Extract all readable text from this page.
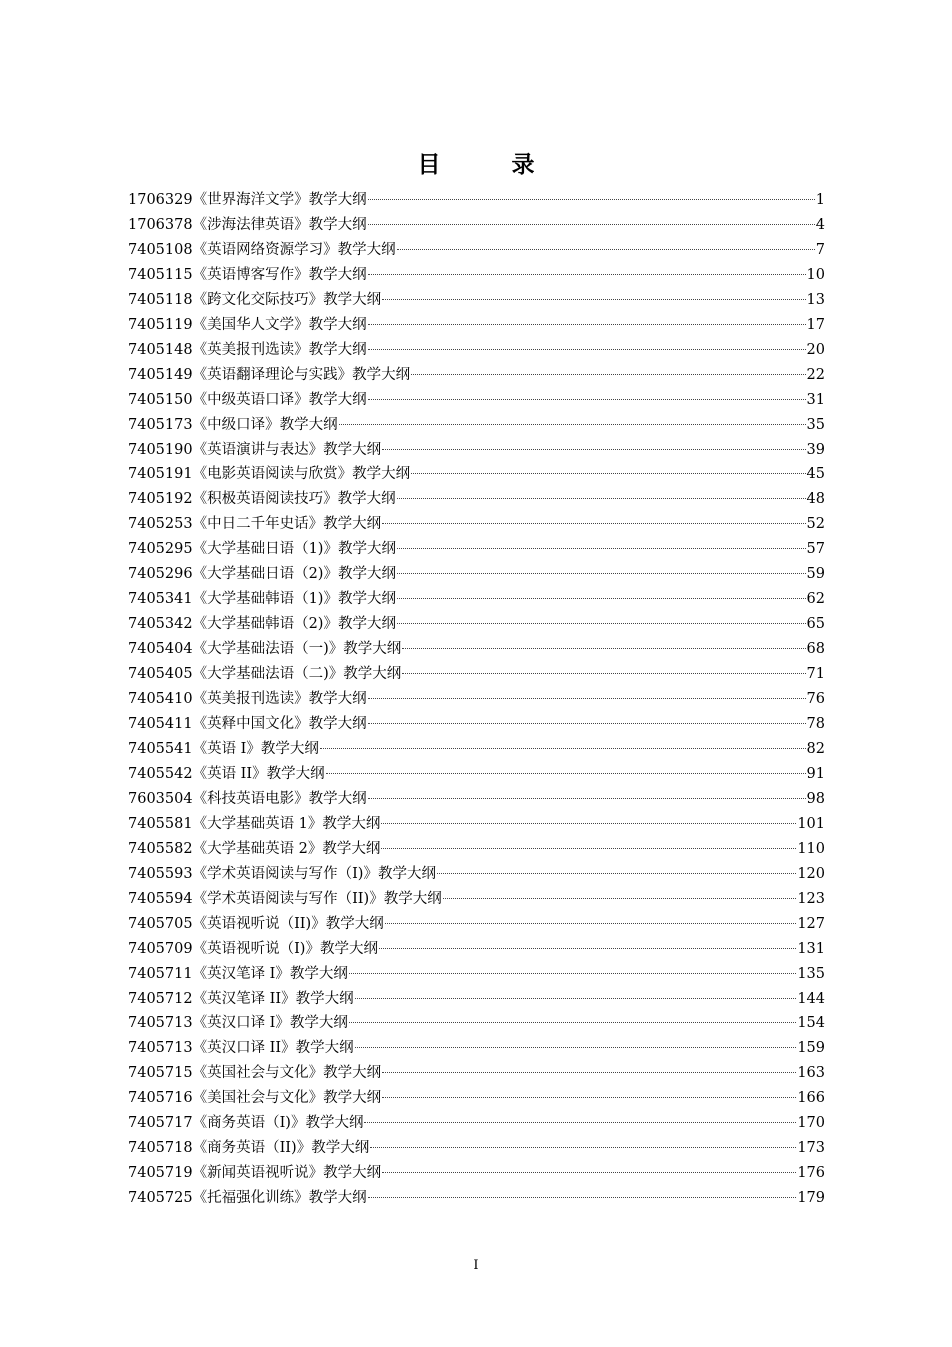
目　录
1706329《世界海洋文学》教学大纲	1
1706378《涉海法律英语》教学大纲	4
7405108《英语网络资源学习》教学大纲	7
7405115《英语博客写作》教学大纲	10
7405118《跨文化交际技巧》教学大纲	13
7405119《美国华人文学》教学大纲	17
7405148《英美报刊选读》教学大纲	20
7405149《英语翻译理论与实践》教学大纲	22
7405150《中级英语口译》教学大纲	31
7405173《中级口译》教学大纲	35
7405190《英语演讲与表达》教学大纲	39
7405191《电影英语阅读与欣赏》教学大纲	45
7405192《积极英语阅读技巧》教学大纲	48
7405253《中日二千年史话》教学大纲	52
7405295《大学基础日语（1)》教学大纲	57
7405296《大学基础日语（2)》教学大纲	59
7405341《大学基础韩语（1)》教学大纲	62
7405342《大学基础韩语（2)》教学大纲	65
7405404《大学基础法语（一)》教学大纲	68
7405405《大学基础法语（二)》教学大纲	71
7405410《英美报刊选读》教学大纲	76
7405411《英释中国文化》教学大纲	78
7405541《英语 I》教学大纲	82
7405542《英语 II》教学大纲	91
7603504《科技英语电影》教学大纲	98
7405581《大学基础英语 1》教学大纲	101
7405582《大学基础英语 2》教学大纲	110
7405593《学术英语阅读与写作（I)》教学大纲	120
7405594《学术英语阅读与写作（II)》教学大纲	123
7405705《英语视听说（II)》教学大纲	127
7405709《英语视听说（I)》教学大纲	131
7405711《英汉笔译 I》教学大纲	135
7405712《英汉笔译 II》教学大纲	144
7405713《英汉口译 I》教学大纲	154
7405713《英汉口译 II》教学大纲	159
7405715《英国社会与文化》教学大纲	163
7405716《美国社会与文化》教学大纲	166
7405717《商务英语（I)》教学大纲	170
7405718《商务英语（II)》教学大纲	173
7405719《新闻英语视听说》教学大纲	176
7405725《托福强化训练》教学大纲	179
I
